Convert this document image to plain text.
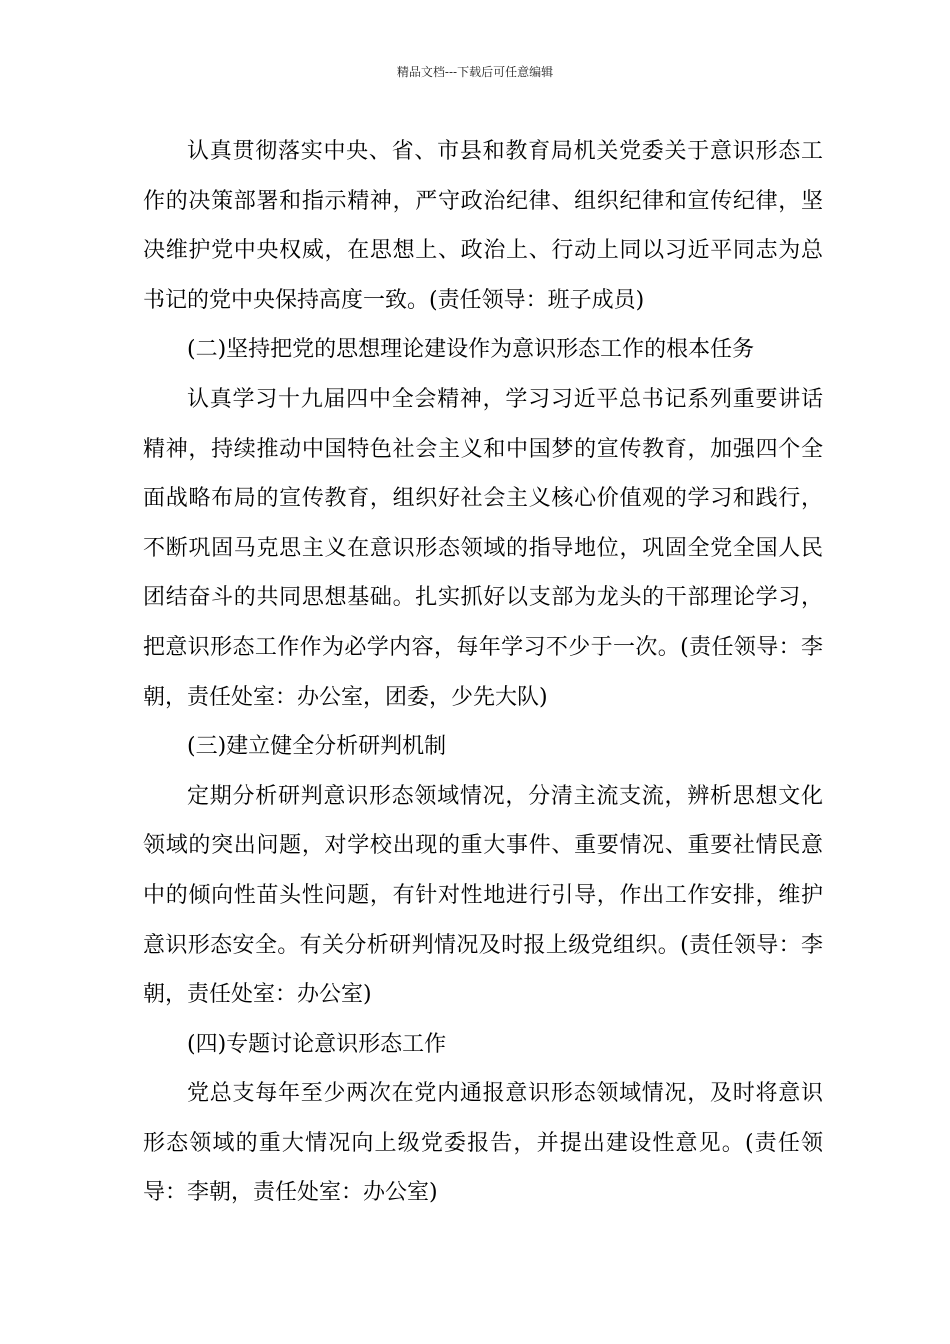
精品文档---下载后可任意编辑

认真贯彻落实中央、省、市县和教育局机关党委关于意识形态工作的决策部署和指示精神，严守政治纪律、组织纪律和宣传纪律，坚决维护党中央权威，在思想上、政治上、行动上同以习近平同志为总书记的党中央保持高度一致。(责任领导：班子成员)

(二)坚持把党的思想理论建设作为意识形态工作的根本任务

认真学习十九届四中全会精神，学习习近平总书记系列重要讲话精神，持续推动中国特色社会主义和中国梦的宣传教育，加强四个全面战略布局的宣传教育，组织好社会主义核心价值观的学习和践行，不断巩固马克思主义在意识形态领域的指导地位，巩固全党全国人民团结奋斗的共同思想基础。扎实抓好以支部为龙头的干部理论学习，把意识形态工作作为必学内容，每年学习不少于一次。(责任领导：李朝，责任处室：办公室，团委，少先大队)

(三)建立健全分析研判机制

定期分析研判意识形态领域情况，分清主流支流，辨析思想文化领域的突出问题，对学校出现的重大事件、重要情况、重要社情民意中的倾向性苗头性问题，有针对性地进行引导，作出工作安排，维护意识形态安全。有关分析研判情况及时报上级党组织。(责任领导：李朝，责任处室：办公室)

(四)专题讨论意识形态工作

党总支每年至少两次在党内通报意识形态领域情况，及时将意识形态领域的重大情况向上级党委报告，并提出建设性意见。(责任领导：李朝，责任处室：办公室)
